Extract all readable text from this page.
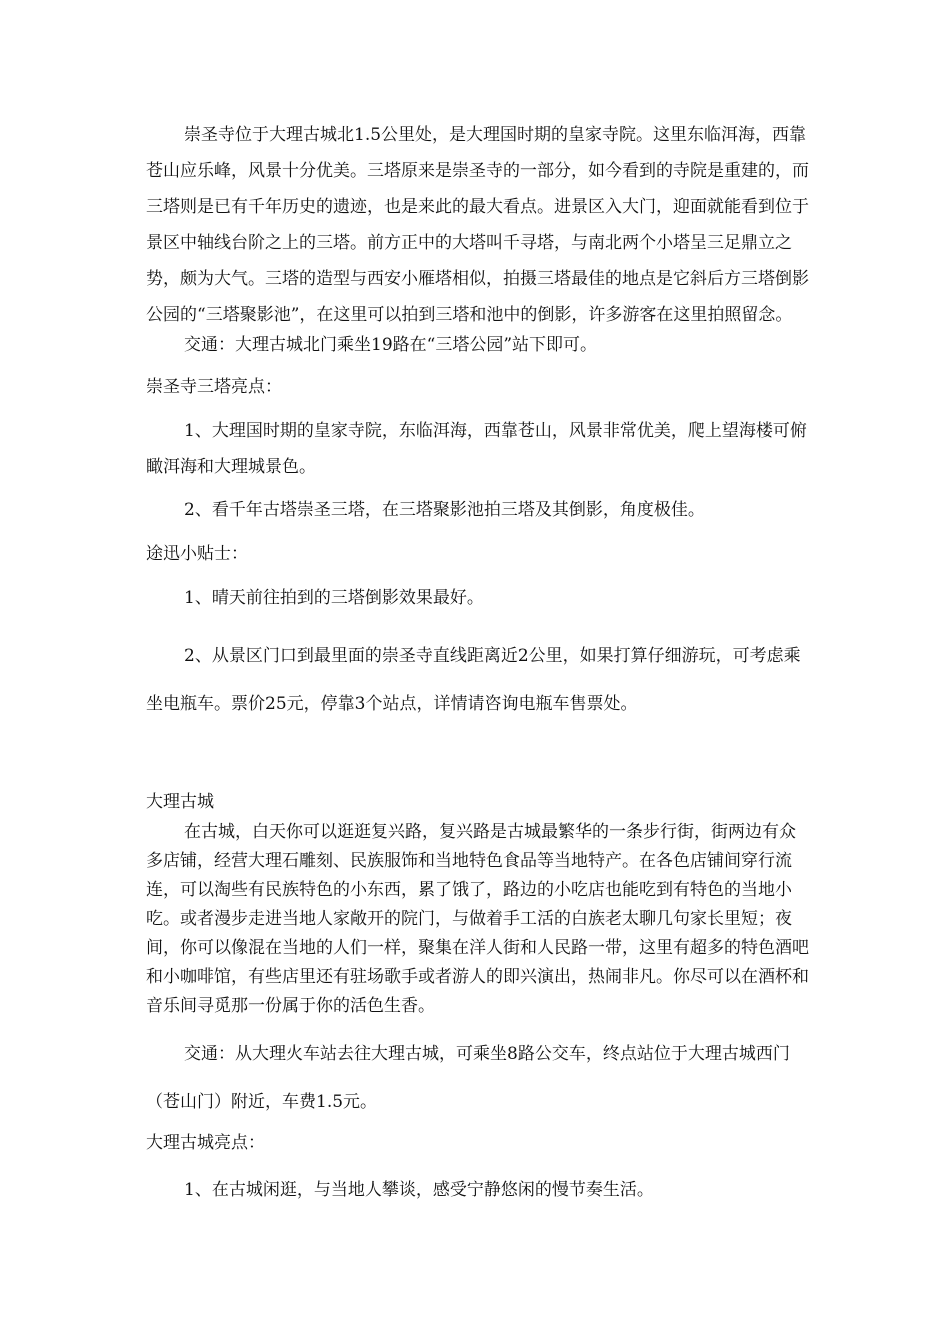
崇圣寺位于大理古城北1.5公里处，是大理国时期的皇家寺院。这里东临洱海，西靠苍山应乐峰，风景十分优美。三塔原来是崇圣寺的一部分，如今看到的寺院是重建的，而三塔则是已有千年历史的遗迹，也是来此的最大看点。进景区入大门，迎面就能看到位于景区中轴线台阶之上的三塔。前方正中的大塔叫千寻塔，与南北两个小塔呈三足鼎立之势，颇为大气。三塔的造型与西安小雁塔相似，拍摄三塔最佳的地点是它斜后方三塔倒影公园的“三塔聚影池”，在这里可以拍到三塔和池中的倒影，许多游客在这里拍照留念。

交通：大理古城北门乘坐19路在“三塔公园”站下即可。

崇圣寺三塔亮点：

1、大理国时期的皇家寺院，东临洱海，西靠苍山，风景非常优美，爬上望海楼可俯瞰洱海和大理城景色。

2、看千年古塔崇圣三塔，在三塔聚影池拍三塔及其倒影，角度极佳。

途迅小贴士：

1、晴天前往拍到的三塔倒影效果最好。

2、从景区门口到最里面的崇圣寺直线距离近2公里，如果打算仔细游玩，可考虑乘坐电瓶车。票价25元，停靠3个站点，详情请咨询电瓶车售票处。

大理古城

在古城，白天你可以逛逛复兴路，复兴路是古城最繁华的一条步行街，街两边有众多店铺，经营大理石雕刻、民族服饰和当地特色食品等当地特产。在各色店铺间穿行流连，可以淘些有民族特色的小东西，累了饿了，路边的小吃店也能吃到有特色的当地小吃。或者漫步走进当地人家敞开的院门，与做着手工活的白族老太聊几句家长里短；夜间，你可以像混在当地的人们一样，聚集在洋人街和人民路一带，这里有超多的特色酒吧和小咖啡馆，有些店里还有驻场歌手或者游人的即兴演出，热闹非凡。你尽可以在酒杯和音乐间寻觅那一份属于你的活色生香。

交通：从大理火车站去往大理古城，可乘坐8路公交车，终点站位于大理古城西门（苍山门）附近，车费1.5元。

大理古城亮点：

1、在古城闲逛，与当地人攀谈，感受宁静悠闲的慢节奏生活。
